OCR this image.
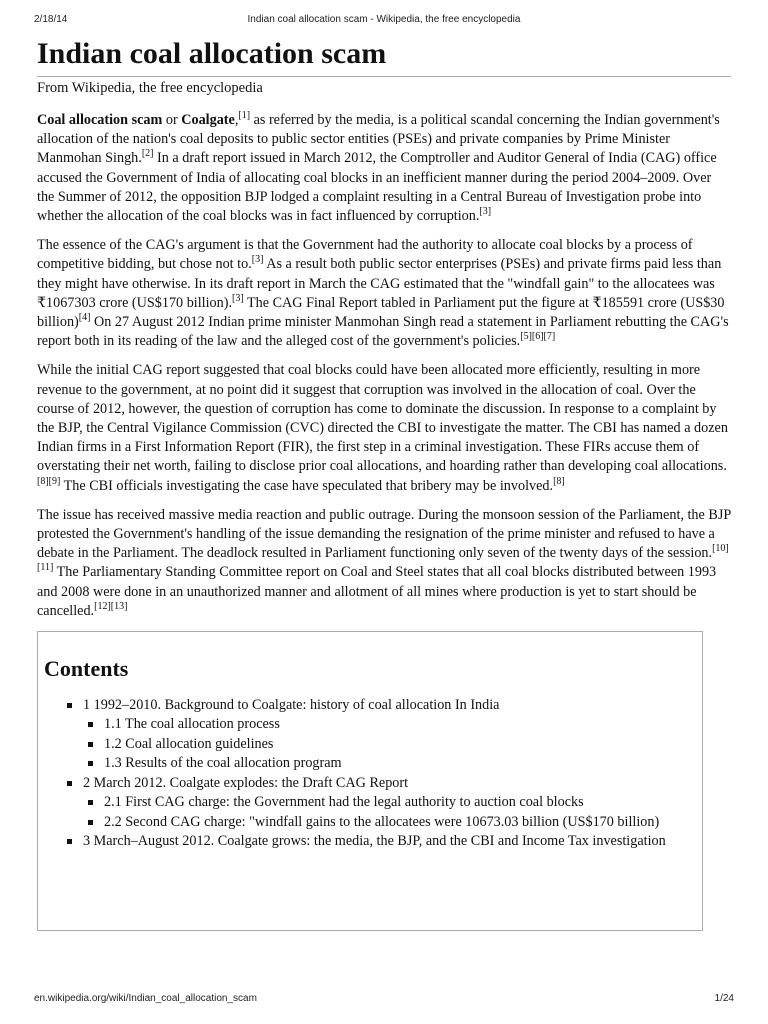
2/18/14	Indian coal allocation scam - Wikipedia, the free encyclopedia
Indian coal allocation scam
From Wikipedia, the free encyclopedia

Coal allocation scam or Coalgate,[1] as referred by the media, is a political scandal concerning the Indian government's allocation of the nation's coal deposits to public sector entities (PSEs) and private companies by Prime Minister Manmohan Singh.[2] In a draft report issued in March 2012, the Comptroller and Auditor General of India (CAG) office accused the Government of India of allocating coal blocks in an inefficient manner during the period 2004–2009. Over the Summer of 2012, the opposition BJP lodged a complaint resulting in a Central Bureau of Investigation probe into whether the allocation of the coal blocks was in fact influenced by corruption.[3]

The essence of the CAG's argument is that the Government had the authority to allocate coal blocks by a process of competitive bidding, but chose not to.[3] As a result both public sector enterprises (PSEs) and private firms paid less than they might have otherwise. In its draft report in March the CAG estimated that the "windfall gain" to the allocatees was ₹1067303 crore (US$170 billion).[3] The CAG Final Report tabled in Parliament put the figure at ₹185591 crore (US$30 billion)[4] On 27 August 2012 Indian prime minister Manmohan Singh read a statement in Parliament rebutting the CAG's report both in its reading of the law and the alleged cost of the government's policies.[5][6][7]

While the initial CAG report suggested that coal blocks could have been allocated more efficiently, resulting in more revenue to the government, at no point did it suggest that corruption was involved in the allocation of coal. Over the course of 2012, however, the question of corruption has come to dominate the discussion. In response to a complaint by the BJP, the Central Vigilance Commission (CVC) directed the CBI to investigate the matter. The CBI has named a dozen Indian firms in a First Information Report (FIR), the first step in a criminal investigation. These FIRs accuse them of overstating their net worth, failing to disclose prior coal allocations, and hoarding rather than developing coal allocations.[8][9] The CBI officials investigating the case have speculated that bribery may be involved.[8]

The issue has received massive media reaction and public outrage. During the monsoon session of the Parliament, the BJP protested the Government's handling of the issue demanding the resignation of the prime minister and refused to have a debate in the Parliament. The deadlock resulted in Parliament functioning only seven of the twenty days of the session.[10][11] The Parliamentary Standing Committee report on Coal and Steel states that all coal blocks distributed between 1993 and 2008 were done in an unauthorized manner and allotment of all mines where production is yet to start should be cancelled.[12][13]

Contents
1 1992–2010. Background to Coalgate: history of coal allocation In India
1.1 The coal allocation process
1.2 Coal allocation guidelines
1.3 Results of the coal allocation program
2 March 2012. Coalgate explodes: the Draft CAG Report
2.1 First CAG charge: the Government had the legal authority to auction coal blocks
2.2 Second CAG charge: "windfall gains to the allocatees were 10673.03 billion (US$170 billion)
3 March–August 2012. Coalgate grows: the media, the BJP, and the CBI and Income Tax investigation
en.wikipedia.org/wiki/Indian_coal_allocation_scam	1/24
